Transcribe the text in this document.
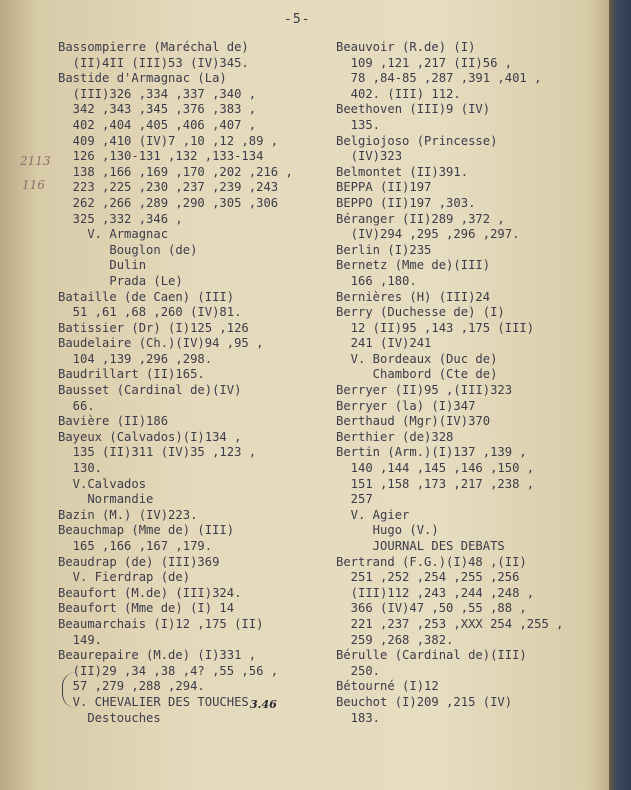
-5-
2113
116
3.46
Bassompierre (Maréchal de)
(II)4II (III)53 (IV)345.
Bastide d'Armagnac (La)
(III)326 ,334 ,337 ,340 ,
342 ,343 ,345 ,376 ,383 ,
402 ,404 ,405 ,406 ,407 ,
409 ,410 (IV)7 ,10 ,12 ,89 ,
126 ,130-131 ,132 ,133-134
138 ,166 ,169 ,170 ,202 ,216 ,
223 ,225 ,230 ,237 ,239 ,243
262 ,266 ,289 ,290 ,305 ,306
325 ,332 ,346 ,
V. Armagnac
Bouglon (de)
Dulin
Prada (Le)
Bataille (de Caen) (III)
51 ,61 ,68 ,260 (IV)81.
Batissier (Dr) (I)125 ,126
Baudelaire (Ch.)(IV)94 ,95 ,
104 ,139 ,296 ,298.
Baudrillart (II)165.
Bausset (Cardinal de)(IV)
66.
Bavière (II)186
Bayeux (Calvados)(I)134 ,
135 (II)311 (IV)35 ,123 ,
130.
V.Calvados
Normandie
Bazin (M.) (IV)223.
Beauchmap (Mme de) (III)
165 ,166 ,167 ,179.
Beaudrap (de) (III)369
V. Fierdrap (de)
Beaufort (M.de) (III)324.
Beaufort (Mme de) (I) 14
Beaumarchais (I)12 ,175 (II)
149.
Beaurepaire (M.de) (I)331 ,
(II)29 ,34 ,38 ,4? ,55 ,56 ,
57 ,279 ,288 ,294.
V. CHEVALIER DES TOUCHES
Destouches
Beauvoir (R.de) (I)
109 ,121 ,217 (II)56 ,
78 ,84-85 ,287 ,391 ,401 ,
402. (III) 112.
Beethoven (III)9 (IV)
135.
Belgiojoso (Princesse)
(IV)323
Belmontet (II)391.
BEPPA (II)197
BEPPO (II)197 ,303.
Béranger (II)289 ,372 ,
(IV)294 ,295 ,296 ,297.
Berlin (I)235
Bernetz (Mme de)(III)
166 ,180.
Bernières (H) (III)24
Berry (Duchesse de) (I)
12 (II)95 ,143 ,175 (III)
241 (IV)241
V. Bordeaux (Duc de)
Chambord (Cte de)
Berryer (II)95 ,(III)323
Berryer (la) (I)347
Berthaud (Mgr)(IV)370
Berthier (de)328
Bertin (Arm.)(I)137 ,139 ,
140 ,144 ,145 ,146 ,150 ,
151 ,158 ,173 ,217 ,238 ,
257
V. Agier
Hugo (V.)
JOURNAL DES DEBATS
Bertrand (F.G.)(I)48 ,(II)
251 ,252 ,254 ,255 ,256
(III)112 ,243 ,244 ,248 ,
366 (IV)47 ,50 ,55 ,88 ,
221 ,237 ,253 ,XXX 254 ,255 ,
259 ,268 ,382.
Bérulle (Cardinal de)(III)
250.
Bétourné (I)12
Beuchot (I)209 ,215 (IV)
183.
